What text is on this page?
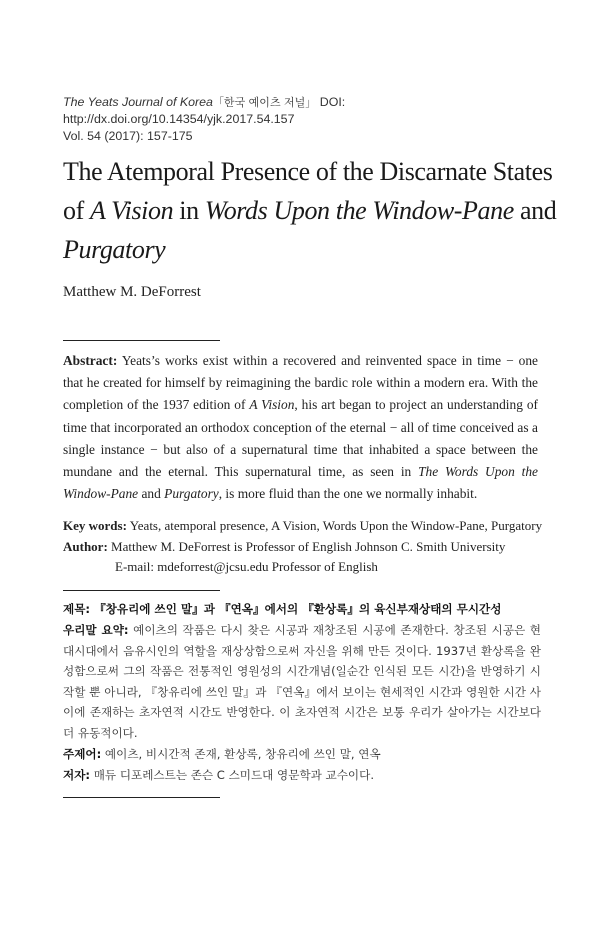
The Yeats Journal of Korea「한국 예이츠 저널」 DOI: http://dx.doi.org/10.14354/yjk.2017.54.157
Vol. 54 (2017): 157-175
The Atemporal Presence of the Discarnate States of A Vision in Words Upon the Window-Pane and
Purgatory
Matthew M. DeForrest

Abstract: Yeats’s works exist within a recovered and reinvented space in time − one that he created for himself by reimagining the bardic role within a modern era. With the completion of the 1937 edition of A Vision, his art began to project an understanding of time that incorporated an orthodox conception of the eternal − all of time conceived as a single instance − but also of a supernatural time that inhabited a space between the mundane and the eternal. This supernatural time, as seen in The Words Upon the Window-Pane and Purgatory, is more fluid than the one we normally inhabit.

Key words: Yeats, atemporal presence, A Vision, Words Upon the Window-Pane, Purgatory
Author: Matthew M. DeForrest is Professor of English Johnson C. Smith University
E-mail: mdeforrest@jcsu.edu Professor of English
제목: 『창유리에 쓰인 말』과 『연옥』에서의 『환상록』의 육신부재상태의 무시간성

우리말 요약: 예이츠의 작품은 다시 찾은 시공과 재창조된 시공에 존재한다. 창조된 시공은 현대시대에서 음유시인의 역할을 재상상함으로써 자신을 위해 만든 것이다. 1937년 환상록을 완성함으로써 그의 작품은 전통적인 영원성의 시간개념(일순간 인식된 모든 시간)을 반영하기 시작할 뿐 아니라, 『창유리에 쓰인 말』과 『연옥』에서 보이는 현세적인 시간과 영원한 시간 사이에 존재하는 초자연적 시간도 반영한다. 이 초자연적 시간은 보통 우리가 살아가는 시간보다 더 유동적이다.

주제어: 예이츠, 비시간적 존재, 환상록, 창유리에 쓰인 말, 연옥
저자: 매듀 디포레스트는 존슨 C 스미드대 영문학과 교수이다.
